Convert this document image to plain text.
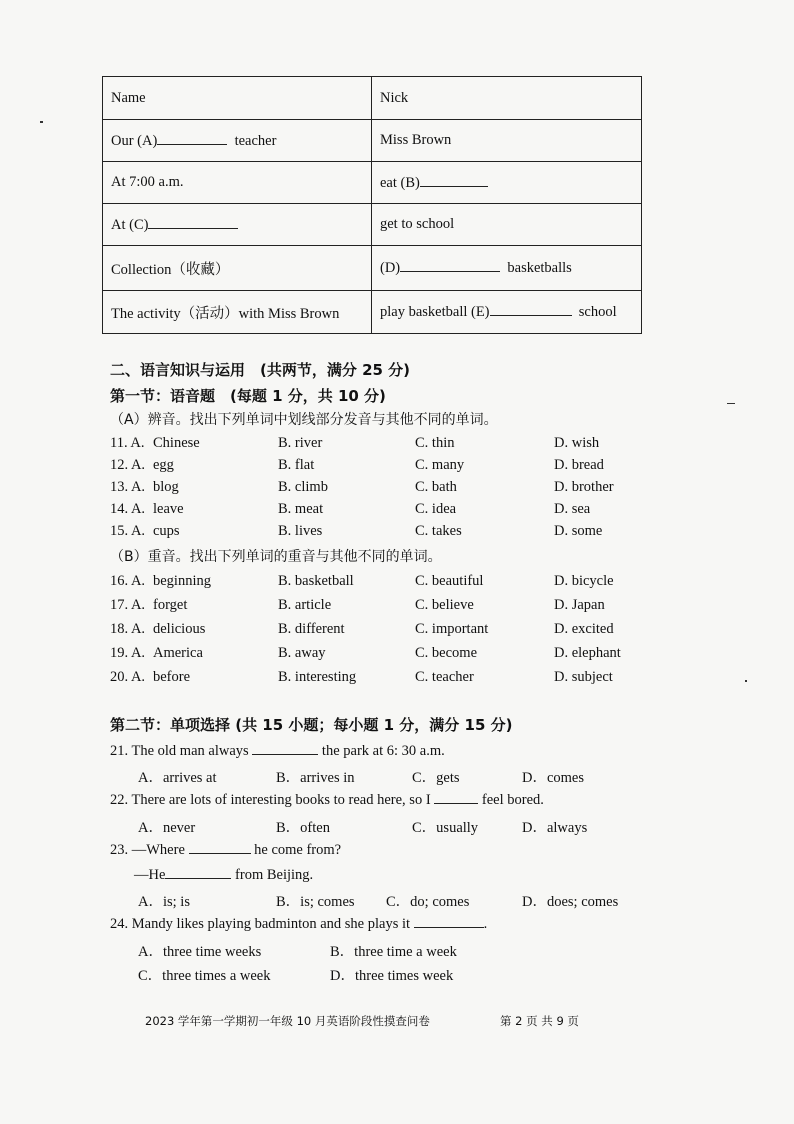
Name	Nick
Our (A) teacher	Miss Brown
At 7:00 a.m.	eat (B)
At (C)	get to school
Collection（收藏）	(D) basketballs
The activity（活动）with Miss Brown	play basketball (E) school
二、语言知识与运用　(共两节，满分 25 分)
第一节：语音题　(每题 1 分，共 10 分)
（A）辨音。找出下列单词中划线部分发音与其他不同的单词。
11. A. Chinese	B. river	C. thin	D. wish
12. A. egg	B. flat	C. many	D. bread
13. A. blog	B. climb	C. bath	D. brother
14. A. leave	B. meat	C. idea	D. sea
15. A. cups	B. lives	C. takes	D. some
（B）重音。找出下列单词的重音与其他不同的单词。
16. A. beginning	B. basketball	C. beautiful	D. bicycle
17. A. forget	B. article	C. believe	D. Japan
18. A. delicious	B. different	C. important	D. excited
19. A. America	B. away	C. become	D. elephant
20. A. before	B. interesting	C. teacher	D. subject
第二节：单项选择 (共 15 小题；每小题 1 分，满分 15 分)
21. The old man always	the park at 6: 30 a.m.
A．arrives at	B．arrives in	C．gets	D．comes
22. There are lots of interesting books to read here, so I	feel bored.
A．never	B．often	C．usually	D．always
23. —Where	he come from?
—He	from Beijing.
A．is; is	B．is; comes C．do; comes	D．does; comes
24. Mandy likes playing badminton and she plays it	.
A．three time weeks	B．three time a week
C．three times a week	D．three times week
2023 学年第一学期初一年级 10 月英语阶段性摸查问卷	第 2 页 共 9 页
